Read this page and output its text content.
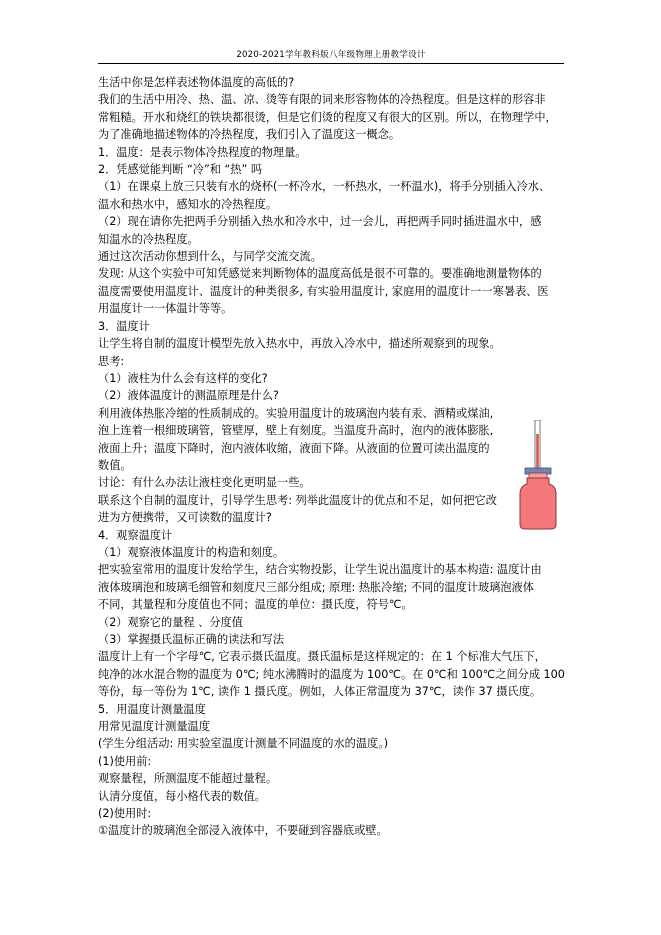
2020-2021学年教科版八年级物理上册教学设计

生活中你是怎样表述物体温度的高低的?

我们的生活中用冷、热、温、凉、烫等有限的词来形容物体的冷热程度。但是这样的形容非

常粗糙。开水和烧红的铁块都很烫，但是它们烫的程度又有很大的区别。所以，在物理学中，

为了准确地描述物体的冷热程度，我们引入了温度这一概念。

1．温度：是表示物体冷热程度的物理量。

2．凭感觉能判断 “冷”和 “热” 吗

（1）在课桌上放三只装有水的烧杯(一杯冷水，一杯热水，一杯温水)，将手分别插入冷水、

温水和热水中，感知水的冷热程度。

（2）现在请你先把两手分别插入热水和冷水中，过一会儿，再把两手同时插进温水中，感

知温水的冷热程度。

通过这次活动你想到什么，与同学交流交流。

发现: 从这个实验中可知凭感觉来判断物体的温度高低是很不可靠的。要准确地测量物体的

温度需要使用温度计、温度计的种类很多, 有实验用温度计, 家庭用的温度计一一寒暑表、医

用温度计一一体温计等等。

3．温度计

让学生将自制的温度计模型先放入热水中，再放入冷水中，描述所观察到的现象。

思考:

（1）液柱为什么会有这样的变化?

（2）液体温度计的测温原理是什么?

利用液体热胀冷缩的性质制成的。实验用温度计的玻璃泡内装有汞、酒精或煤油,

泡上连着一根细玻璃管，管壁厚，壁上有刻度。当温度升高时，泡内的液体膨胀,

液面上升；温度下降时，泡内液体收缩，液面下降。从液面的位置可读出温度的

数值。

讨论：有什么办法让液柱变化更明显一些。

联系这个自制的温度计，引导学生思考: 列举此温度计的优点和不足，如何把它改

进为方便携带，又可读数的温度计?

4．观察温度计

（1）观察液体温度计的构造和刻度。

把实验室常用的温度计发给学生，结合实物投影，让学生说出温度计的基本构造: 温度计由

液体玻璃泡和玻璃毛细管和刻度尺三部分组成; 原理: 热胀冷缩; 不同的温度计玻璃泡液体

不同，其量程和分度值也不同；温度的单位：摄氏度，符号℃。

（2）观察它的量程 、分度值

（3）掌握摄氏温标正确的读法和写法

温度计上有一个字母℃, 它表示摄氏温度。摄氏温标是这样规定的：在 1 个标准大气压下，

纯净的冰水混合物的温度为 0℃; 纯水沸腾时的温度为 100℃。在 0℃和 100℃之间分成 100

等份，每一等份为 1℃, 读作 1 摄氏度。例如，人体正常温度为 37℃，读作 37 摄氏度。

5．用温度计测量温度

用常见温度计测量温度

(学生分组活动: 用实验室温度计测量不同温度的水的温度。)

(1)使用前:

观察量程，所测温度不能超过量程。

认清分度值，每小格代表的数值。

(2)使用时:

①温度计的玻璃泡全部浸入液体中，不要碰到容器底或壁。
